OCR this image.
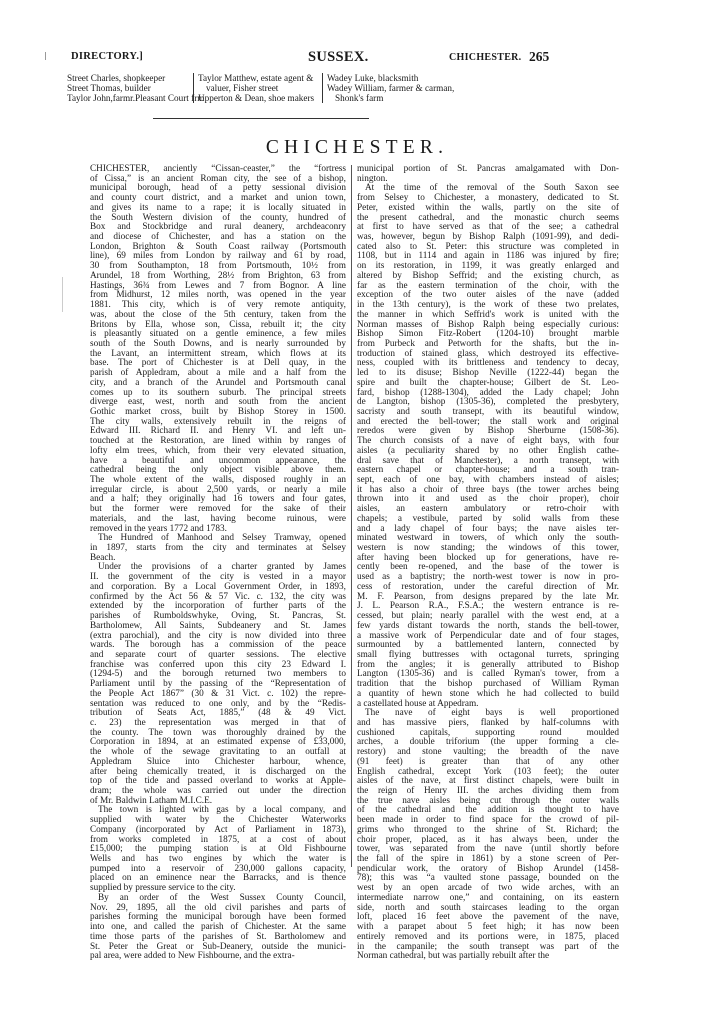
DIRECTORY.]	SUSSEX.	CHICHESTER. 265
Street Charles, shopkeeper
Street Thomas, builder
Taylor John,farmr.Pleasant Court frm
Taylor Matthew, estate agent &
valuer, Fisher street
Upperton & Dean, shoe makers
Wadey Luke, blacksmith
Wadey William, farmer & carman,
Shonk's farm
CHICHESTER.
CHICHESTER, anciently “Cissan-ceaster,” the “fortress
of Cissa,” is an ancient Roman city, the see of a bishop,
municipal borough, head of a petty sessional division
and county court district, and a market and union town,
and gives its name to a rape; it is locally situated in
the South Western division of the county, hundred of
Box and Stockbridge and rural deanery, archdeaconry
and diocese of Chichester, and has a station on the
London, Brighton & South Coast railway (Portsmouth
line), 69 miles from London by railway and 61 by road,
30 from Southampton, 18 from Portsmouth, 10½ from
Arundel, 18 from Worthing, 28½ from Brighton, 63 from
Hastings, 36¾ from Lewes and 7 from Bognor. A line
from Midhurst, 12 miles north, was opened in the year
1881. This city, which is of very remote antiquity,
was, about the close of the 5th century, taken from the
Britons by Ella, whose son, Cissa, rebuilt it; the city
is pleasantly situated on a gentle eminence, a few miles
south of the South Downs, and is nearly surrounded by
the Lavant, an intermittent stream, which flows at its
base. The port of Chichester is at Dell quay, in the
parish of Appledram, about a mile and a half from the
city, and a branch of the Arundel and Portsmouth canal
comes up to its southern suburb. The principal streets
diverge east, west, north and south from the ancient
Gothic market cross, built by Bishop Storey in 1500.
The city walls, extensively rebuilt in the reigns of
Edward III. Richard II. and Henry VI. and left un-
touched at the Restoration, are lined within by ranges of
lofty elm trees, which, from their very elevated situation,
have a beautiful and uncommon appearance, the
cathedral being the only object visible above them.
The whole extent of the walls, disposed roughly in an
irregular circle, is about 2,500 yards, or nearly a mile
and a half; they originally had 16 towers and four gates,
but the former were removed for the sake of their
materials, and the last, having become ruinous, were
removed in the years 1772 and 1783.
The Hundred of Manhood and Selsey Tramway, opened
in 1897, starts from the city and terminates at Selsey
Beach.
Under the provisions of a charter granted by James
II. the government of the city is vested in a mayor
and corporation. By a Local Government Order, in 1893,
confirmed by the Act 56 & 57 Vic. c. 132, the city was
extended by the incorporation of further parts of the
parishes of Rumboldswhyke, Oving, St. Pancras, St.
Bartholomew, All Saints, Subdeanery and St. James
(extra parochial), and the city is now divided into three
wards. The borough has a commission of the peace
and separate court of quarter sessions. The elective
franchise was conferred upon this city 23 Edward I.
(1294-5) and the borough returned two members to
Parliament until by the passing of the “Representation of
the People Act 1867” (30 & 31 Vict. c. 102) the repre-
sentation was reduced to one only, and by the “Redis-
tribution of Seats Act, 1885,” (48 & 49 Vict.
c. 23) the representation was merged in that of
the county. The town was thoroughly drained by the
Corporation in 1894, at an estimated expense of £33,000,
the whole of the sewage gravitating to an outfall at
Appledram Sluice into Chichester harbour, whence,
after being chemically treated, it is discharged on the
top of the tide and passed overland to works at Apple-
dram; the whole was carried out under the direction
of Mr. Baldwin Latham M.I.C.E.
The town is lighted with gas by a local company, and
supplied with water by the Chichester Waterworks
Company (incorporated by Act of Parliament in 1873),
from works completed in 1875, at a cost of about
£15,000; the pumping station is at Old Fishbourne
Wells and has two engines by which the water is
pumped into a reservoir of 230,000 gallons capacity,
placed on an eminence near the Barracks, and is thence
supplied by pressure service to the city.
By an order of the West Sussex County Council,
Nov. 29, 1895, all the old civil parishes and parts of
parishes forming the municipal borough have been formed
into one, and called the parish of Chichester. At the same
time those parts of the parishes of St. Bartholomew and
St. Peter the Great or Sub-Deanery, outside the munici-
pal area, were added to New Fishbourne, and the extra-
municipal portion of St. Pancras amalgamated with Don-
nington.
At the time of the removal of the South Saxon see
from Selsey to Chichester, a monastery, dedicated to St.
Peter, existed within the walls, partly on the site of
the present cathedral, and the monastic church seems
at first to have served as that of the see; a cathedral
was, however, begun by Bishop Ralph (1091-99), and dedi-
cated also to St. Peter: this structure was completed in
1108, but in 1114 and again in 1186 was injured by fire;
on its restoration, in 1199, it was greatly enlarged and
altered by Bishop Seffrid; and the existing church, as
far as the eastern termination of the choir, with the
exception of the two outer aisles of the nave (added
in the 13th century), is the work of these two prelates,
the manner in which Seffrid's work is united with the
Norman masses of Bishop Ralph being especially curious:
Bishop Simon Fitz-Robert (1204-10) brought marble
from Purbeck and Petworth for the shafts, but the in-
troduction of stained glass, which destroyed its effective-
ness, coupled with its brittleness and tendency to decay,
led to its disuse; Bishop Neville (1222-44) began the
spire and built the chapter-house; Gilbert de St. Leo-
fard, bishop (1288-1304), added the Lady chapel; John
de Langton, bishop (1305-36), completed the presbytery,
sacristy and south transept, with its beautiful window,
and erected the bell-tower; the stall work and original
reredos were given by Bishop Sherburne (1508-36).
The church consists of a nave of eight bays, with four
aisles (a peculiarity shared by no other English cathe-
dral save that of Manchester), a north transept, with
eastern chapel or chapter-house; and a south tran-
sept, each of one bay, with chambers instead of aisles;
it has also a choir of three bays (the tower arches being
thrown into it and used as the choir proper), choir
aisles, an eastern ambulatory or retro-choir with
chapels; a vestibule, parted by solid walls from these
and a lady chapel of four bays; the nave aisles ter-
minated westward in towers, of which only the south-
western is now standing; the windows of this tower,
after having been blocked up for generations, have re-
cently been re-opened, and the base of the tower is
used as a baptistry; the north-west tower is now in pro-
cess of restoration, under the careful direction of Mr.
M. F. Pearson, from designs prepared by the late Mr.
J. L. Pearson R.A., F.S.A.; the western entrance is re-
cessed, but plain; nearly parallel with the west end, at a
few yards distant towards the north, stands the bell-tower,
a massive work of Perpendicular date and of four stages,
surmounted by a battlemented lantern, connected by
small flying buttresses with octagonal turrets, springing
from the angles; it is generally attributed to Bishop
Langton (1305-36) and is called Ryman's tower, from a
tradition that the bishop purchased of William Ryman
a quantity of hewn stone which he had collected to build
a castellated house at Appedram.
The nave of eight bays is well proportioned
and has massive piers, flanked by half-columns with
cushioned capitals, supporting round moulded
arches, a double triforium (the upper forming a cle-
restory) and stone vaulting; the breadth of the nave
(91 feet) is greater than that of any other
English cathedral, except York (103 feet); the outer
aisles of the nave, at first distinct chapels, were built in
the reign of Henry III. the arches dividing them from
the true nave aisles being cut through the outer walls
of the cathedral and the addition is thought to have
been made in order to find space for the crowd of pil-
grims who thronged to the shrine of St. Richard; the
choir proper, placed, as it has always been, under the
tower, was separated from the nave (until shortly before
the fall of the spire in 1861) by a stone screen of Per-
pendicular work, the oratory of Bishop Arundel (1458-
78); this was “a vaulted stone passage, bounded on the
west by an open arcade of two wide arches, with an
intermediate narrow one,” and containing, on its eastern
side, north and south staircases leading to the organ
loft, placed 16 feet above the pavement of the nave,
with a parapet about 5 feet high; it has now been
entirely removed and its portions were, in 1875, placed
in the campanile; the south transept was part of the
Norman cathedral, but was partially rebuilt after the
